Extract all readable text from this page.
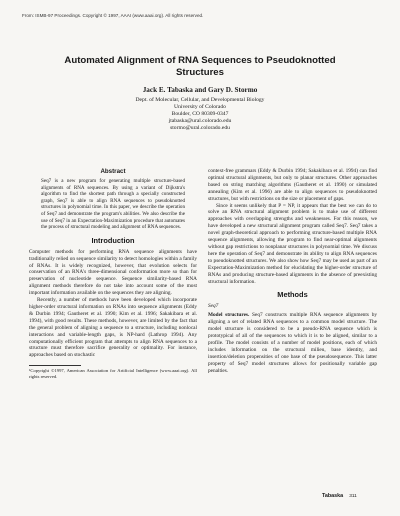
From: ISMB-97 Proceedings. Copyright © 1997, AAAI (www.aaai.org). All rights reserved.
Automated Alignment of RNA Sequences to Pseudoknotted Structures
Jack E. Tabaska and Gary D. Stormo
Dept. of Molecular, Cellular, and Developmental Biology
University of Colorado
Boulder, CO 80309-0347
jtabaska@ural.colorado.edu
stormo@ural.colorado.edu
Abstract
Seq7 is a new program for generating multiple structure-based alignments of RNA sequences. By using a variant of Dijkstra's algorithm to find the shortest path through a specially constructed graph, Seq7 is able to align RNA sequences to pseudoknotted structures in polynomial time. In this paper, we describe the operation of Seq7 and demonstrate the program's abilities. We also describe the use of Seq7 in an Expectation-Maximization procedure that automates the process of structural modeling and alignment of RNA sequences.
Introduction

Computer methods for performing RNA sequence alignments have traditionally relied on sequence similarity to detect homologies within a family of RNAs. It is widely recognized, however, that evolution selects for conservation of an RNA's three-dimensional conformation more so than for preservation of nucleotide sequence. Sequence similarity-based RNA alignment methods therefore do not take into account some of the most important information available on the sequences they are aligning.

Recently, a number of methods have been developed which incorporate higher-order structural information on RNAs into sequence alignments (Eddy & Durbin 1994; Gautheret et al. 1990; Kim et al. 1996; Sakakibara et al. 1994), with good results. These methods, however, are limited by the fact that the general problem of aligning a sequence to a structure, including nonlocal interactions and variable-length gaps, is NP-hard (Lathrop 1994). Any computationally efficient program that attempts to align RNA sequences to a structure must therefore sacrifice generality or optimality. For instance, approaches based on stochastic

¹Copyright ©1997, American Association for Artificial Intelligence (www.aaai.org). All rights reserved.

context-free grammars (Eddy & Durbin 1994; Sakakibara et al. 1994) can find optimal structural alignments, but only to planar structures. Other approaches based on string matching algorithms (Gautheret et al. 1990) or simulated annealing (Kim et al. 1996) are able to align sequences to pseudoknotted structures, but with restrictions on the size or placement of gaps.

Since it seems unlikely that P = NP, it appears that the best we can do to solve an RNA structural alignment problem is to make use of different approaches with overlapping strengths and weaknesses. For this reason, we have developed a new structural alignment program called Seq7. Seq7 takes a novel graph-theoretical approach to performing structure-based multiple RNA sequence alignments, allowing the program to find near-optimal alignments without gap restrictions to nonplanar structures in polynomial time. We discuss here the operation of Seq7 and demonstrate its ability to align RNA sequences to pseudoknotted structures. We also show how Seq7 may be used as part of an Expectation-Maximization method for elucidating the higher-order structure of RNAs and producing structure-based alignments in the absence of preexisting structural information.

Methods
Seq7

Model structures. Seq7 constructs multiple RNA sequence alignments by aligning a set of related RNA sequences to a common model structure. The model structure is considered to be a pseudo-RNA sequence which is prototypical of all of the sequences to which it is to be aligned, similar to a profile. The model consists of a number of model positions, each of which includes information on the structural milieu, base identity, and insertion/deletion propensities of one base of the pseudosequence. This latter property of Seq7 model structures allows for positionally variable gap penalties.

Tabaska 311
